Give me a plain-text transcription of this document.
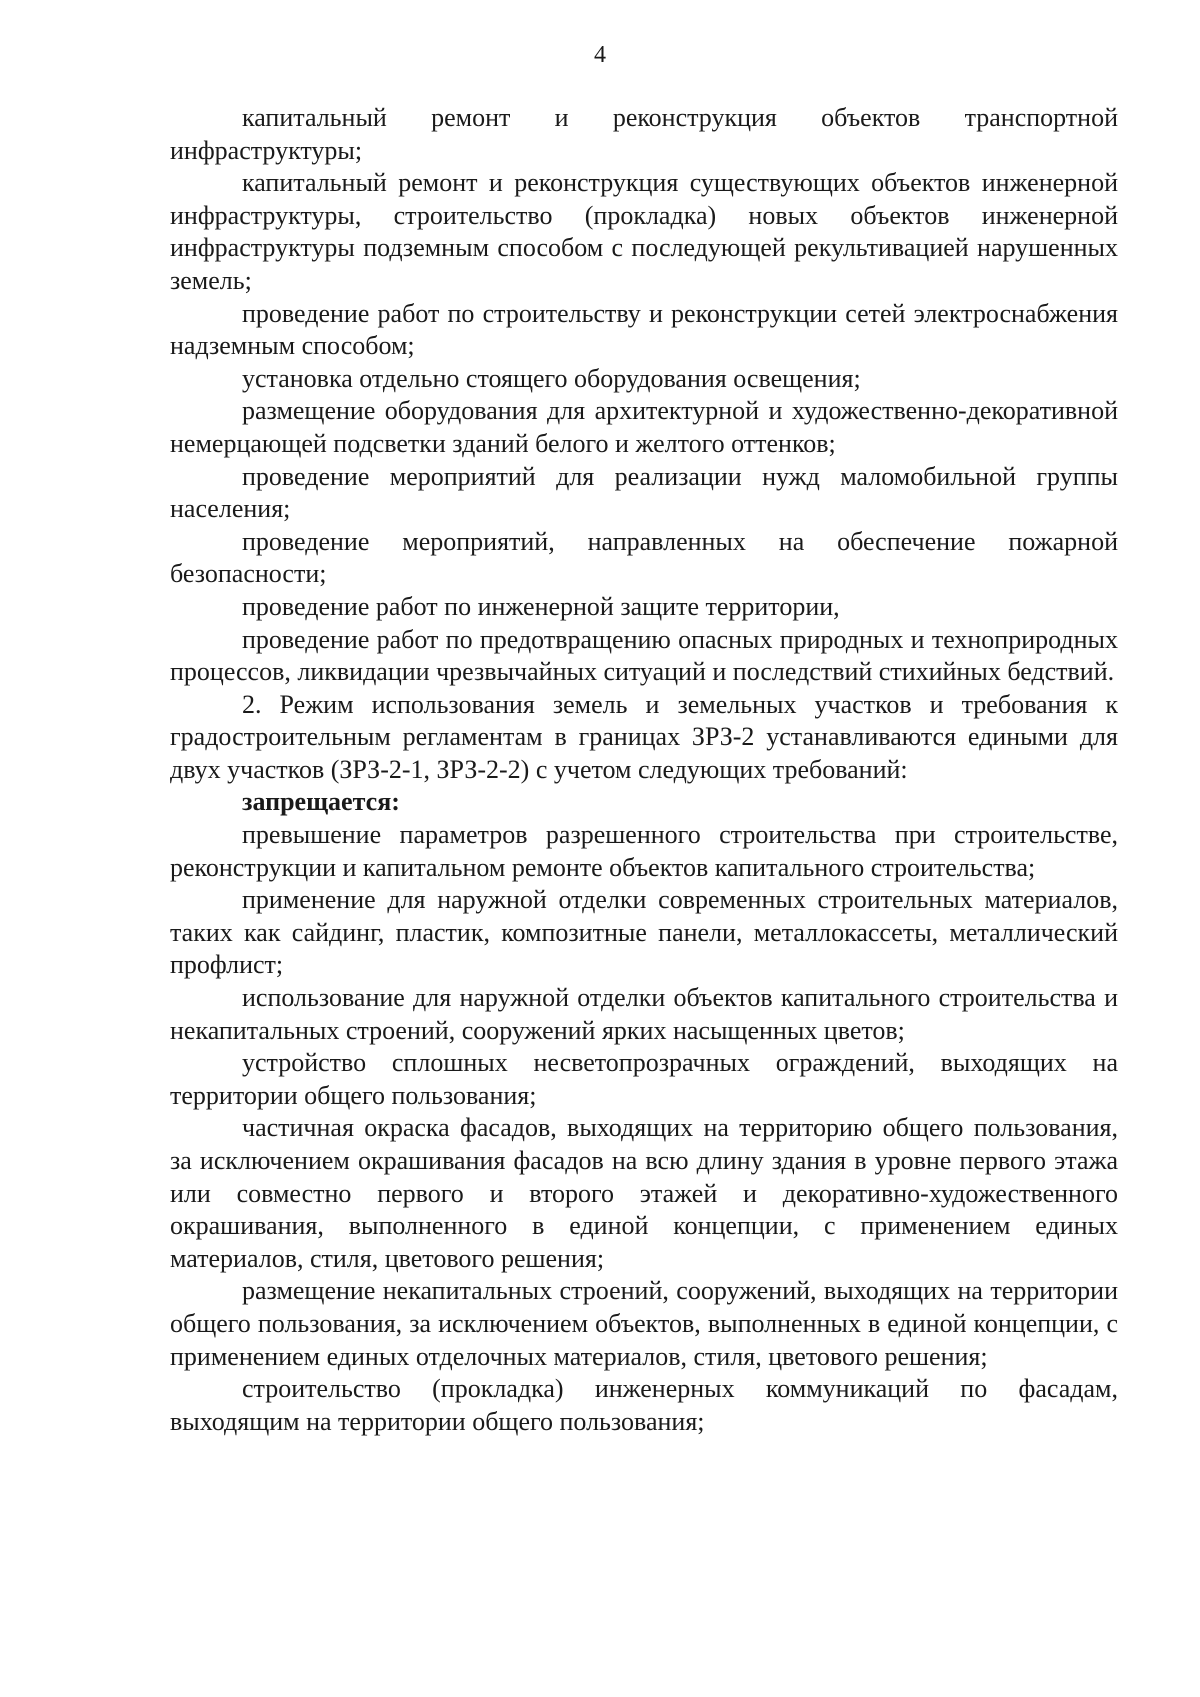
4

капитальный ремонт и реконструкция объектов транспортной инфраструктуры;

капитальный ремонт и реконструкция существующих объектов инженерной инфраструктуры, строительство (прокладка) новых объектов инженерной инфраструктуры подземным способом с последующей рекультивацией нарушенных земель;

проведение работ по строительству и реконструкции сетей электроснабжения надземным способом;

установка отдельно стоящего оборудования освещения;

размещение оборудования для архитектурной и художественно-декоративной немерцающей подсветки зданий белого и желтого оттенков;

проведение мероприятий для реализации нужд маломобильной группы населения;

проведение мероприятий, направленных на обеспечение пожарной безопасности;

проведение работ по инженерной защите территории,

проведение работ по предотвращению опасных природных и техноприродных процессов, ликвидации чрезвычайных ситуаций и последствий стихийных бедствий.

2. Режим использования земель и земельных участков и требования к градостроительным регламентам в границах ЗРЗ-2 устанавливаются едиными для двух участков (ЗРЗ-2-1, ЗРЗ-2-2) с учетом следующих требований:

запрещается:

превышение параметров разрешенного строительства при строительстве, реконструкции и капитальном ремонте объектов капитального строительства;

применение для наружной отделки современных строительных материалов, таких как сайдинг, пластик, композитные панели, металлокассеты, металлический профлист;

использование для наружной отделки объектов капитального строительства и некапитальных строений, сооружений ярких насыщенных цветов;

устройство сплошных несветопрозрачных ограждений, выходящих на территории общего пользования;

частичная окраска фасадов, выходящих на территорию общего пользования, за исключением окрашивания фасадов на всю длину здания в уровне первого этажа или совместно первого и второго этажей и декоративно-художественного окрашивания, выполненного в единой концепции, с применением единых материалов, стиля, цветового решения;

размещение некапитальных строений, сооружений, выходящих на территории общего пользования, за исключением объектов, выполненных в единой концепции, с применением единых отделочных материалов, стиля, цветового решения;

строительство (прокладка) инженерных коммуникаций по фасадам, выходящим на территории общего пользования;
